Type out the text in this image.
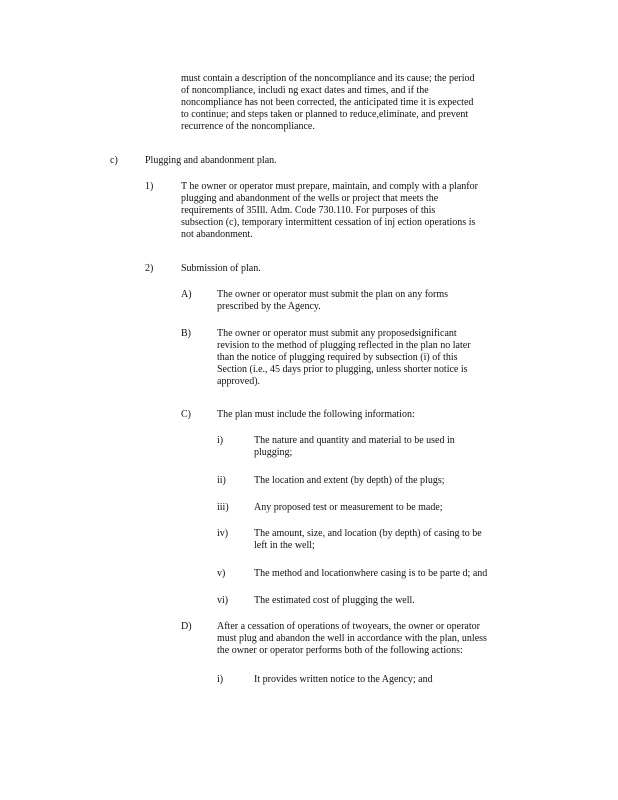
must contain a description of the noncompliance and its cause; the period
of noncompliance, includi ng exact dates and times, and if the
noncompliance has not been corrected, the anticipated time it is expected
to continue; and steps taken or planned to reduce,eliminate, and prevent
recurrence of the noncompliance.

c)	Plugging and abandonment plan.

1)	T he owner or operator must prepare, maintain, and comply with a planfor
plugging and abandonment of the wells or project that meets the
requirements of 35Ill. Adm. Code 730.110. For purposes of this
subsection (c), temporary intermittent cessation of inj ection operations is
not abandonment.

2)	Submission of plan.

A)	The owner or operator must submit the plan on any forms
prescribed by the Agency.

B)	The owner or operator must submit any proposedsignificant
revision to the method of plugging reflected in the plan no later
than the notice of plugging required by subsection (i) of this
Section (i.e., 45 days prior to plugging, unless shorter notice is
approved).

C)	The plan must include the following information:

i)	The nature and quantity and material to be used in
plugging;

ii)	The location and extent (by depth) of the plugs;

iii)	Any proposed test or measurement to be made;

iv)	The amount, size, and location (by depth) of casing to be
left in the well;

v)	The method and locationwhere casing is to be parte d; and

vi)	The estimated cost of plugging the well.

D)	After a cessation of operations of twoyears, the owner or operator
must plug and abandon the well in accordance with the plan, unless
the owner or operator performs both of the following actions:

i)	It provides written notice to the Agency; and
